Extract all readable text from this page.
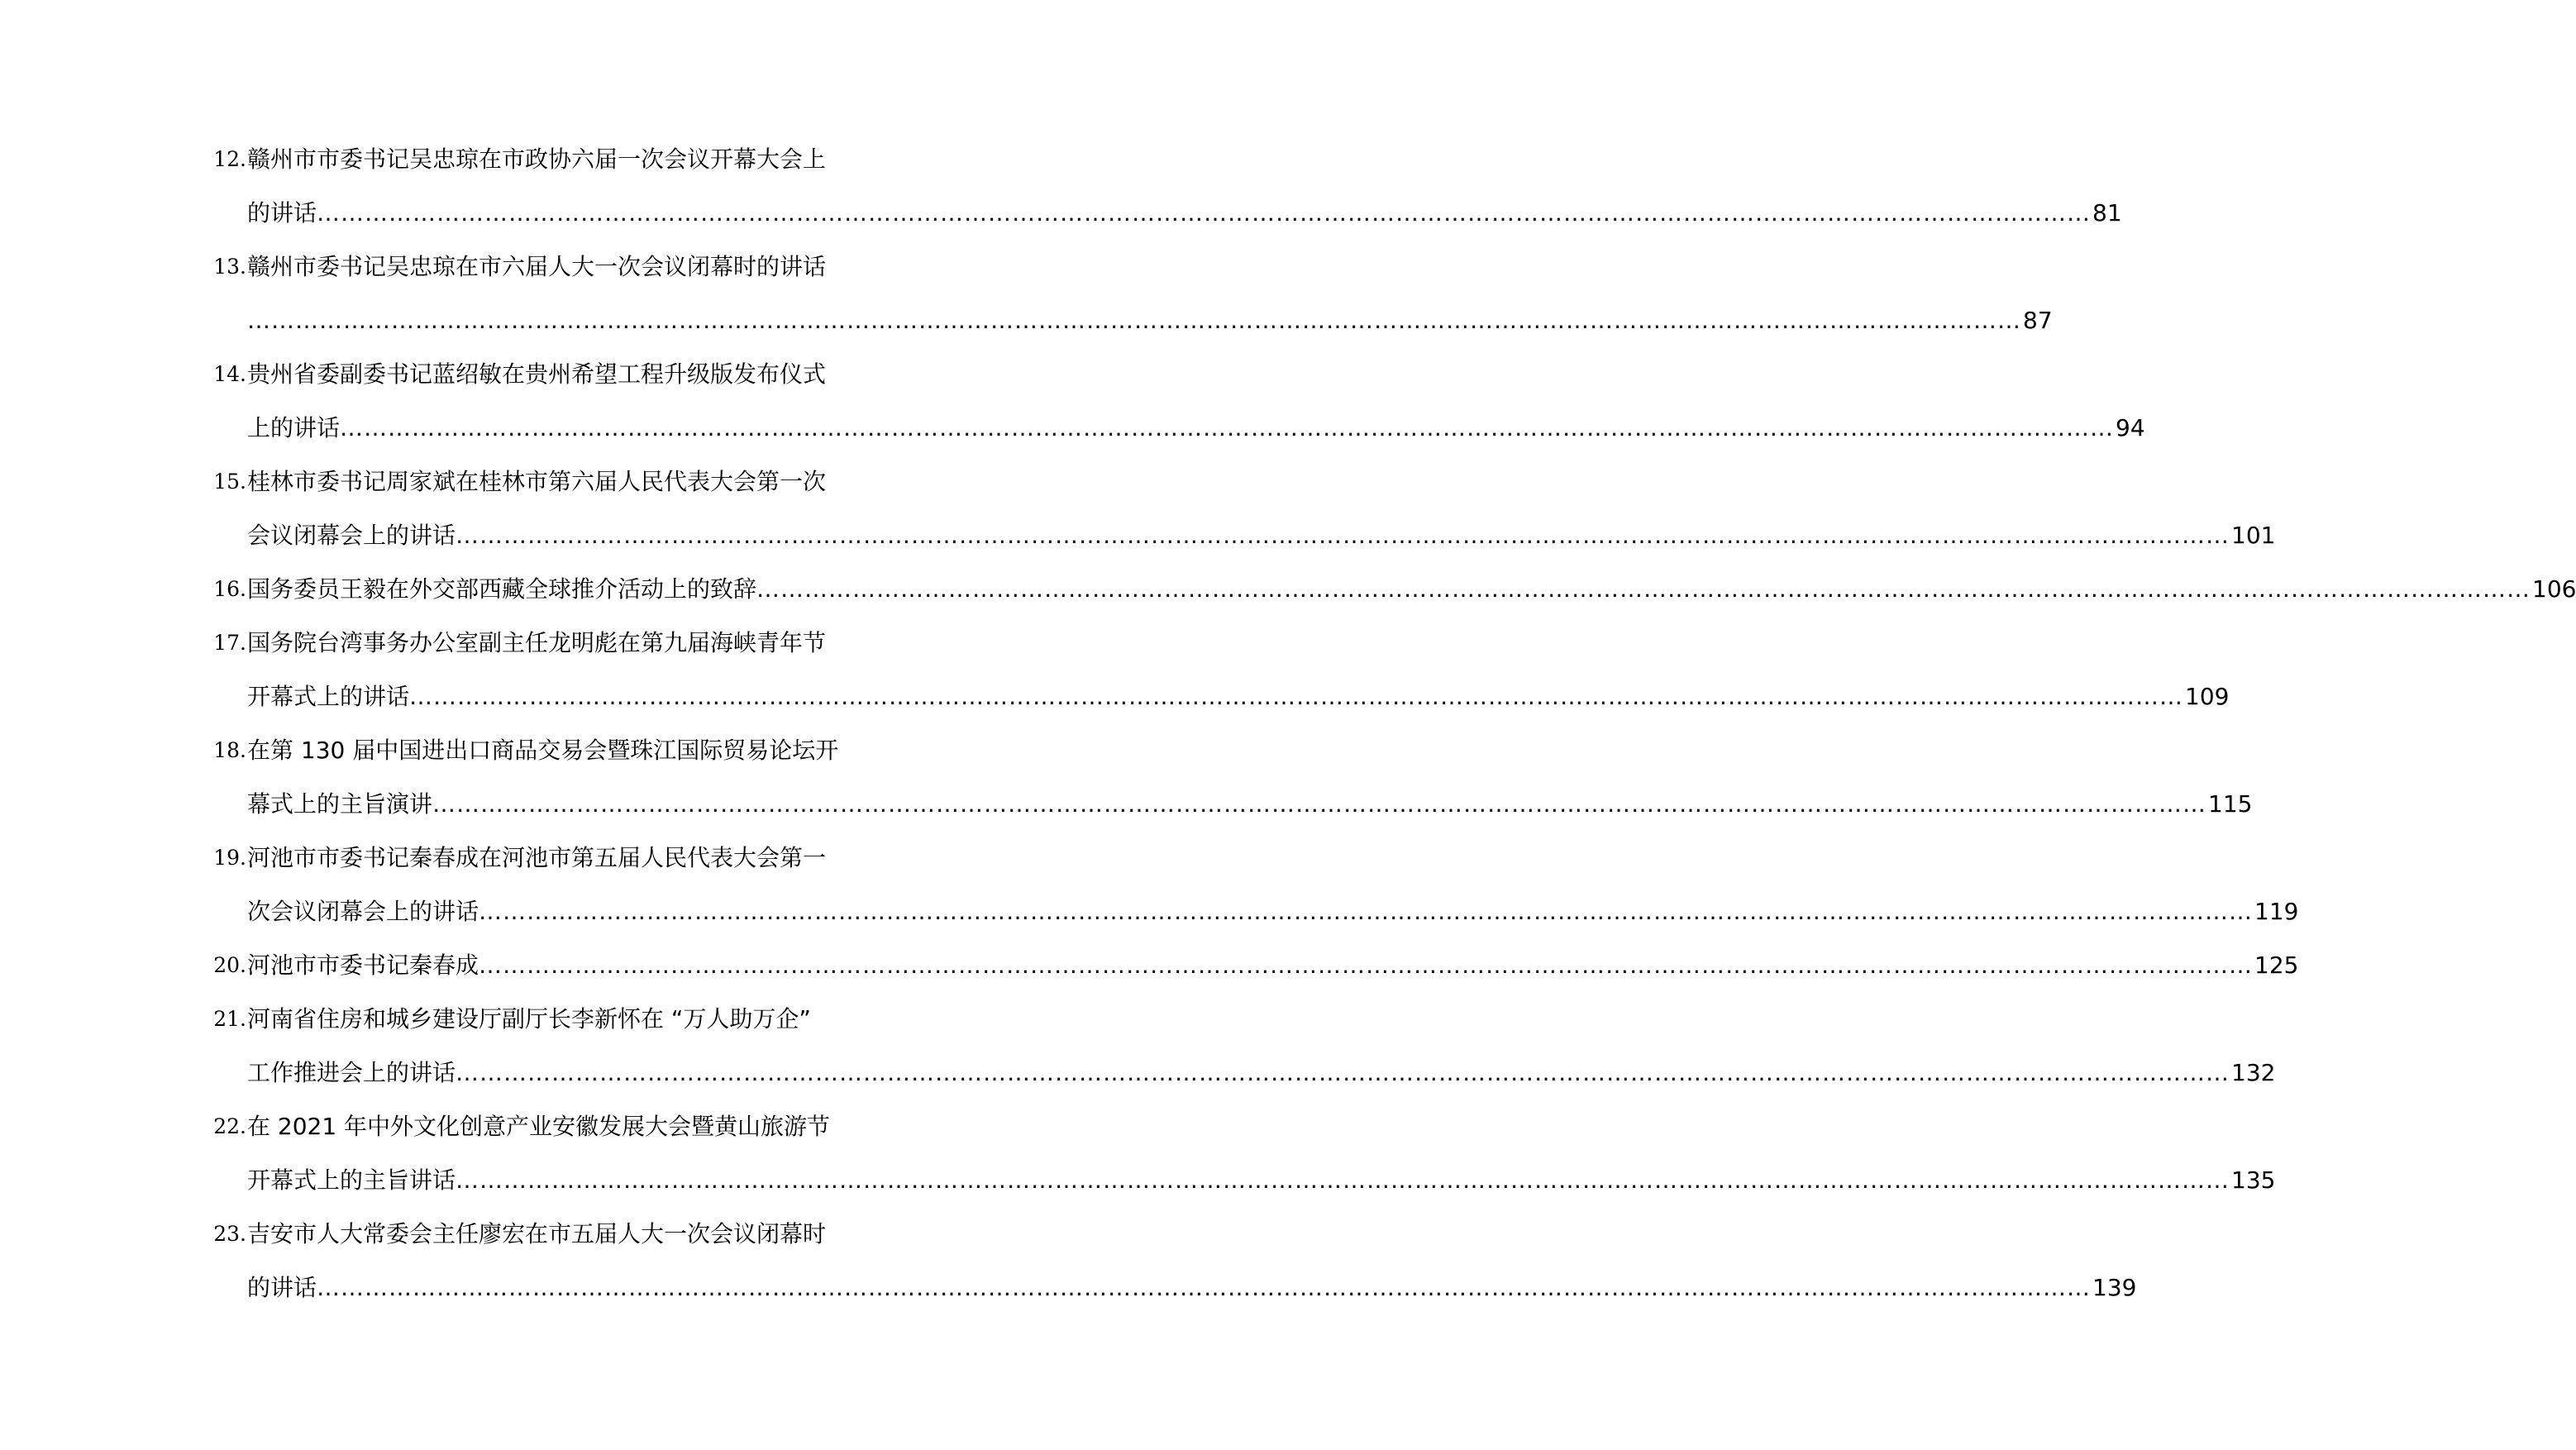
12. 赣州市市委书记吴忠琼在市政协六届一次会议开幕大会上
的讲话 …………………………………………………………………………………………………………………………………………………………………………………………………… 81
13. 赣州市委书记吴忠琼在市六届人大一次会议闭幕时的讲话
…………………………………………………………………………………………………………………………………………………………………………………………………… 87
14. 贵州省委副委书记蓝绍敏在贵州希望工程升级版发布仪式
上的讲话 …………………………………………………………………………………………………………………………………………………………………………………………………… 94
15. 桂林市委书记周家斌在桂林市第六届人民代表大会第一次
会议闭幕会上的讲话 …………………………………………………………………………………………………………………………………………………………………………………………………… 101
16. 国务委员王毅在外交部西藏全球推介活动上的致辞 …………………………………………………………………………………………………………………………………………………………………………………………………… 106
17. 国务院台湾事务办公室副主任龙明彪在第九届海峡青年节
开幕式上的讲话 …………………………………………………………………………………………………………………………………………………………………………………………………… 109
18. 在第 130 届中国进出口商品交易会暨珠江国际贸易论坛开
幕式上的主旨演讲 …………………………………………………………………………………………………………………………………………………………………………………………………… 115
19. 河池市市委书记秦春成在河池市第五届人民代表大会第一
次会议闭幕会上的讲话 …………………………………………………………………………………………………………………………………………………………………………………………………… 119
20. 河池市市委书记秦春成 …………………………………………………………………………………………………………………………………………………………………………………………………… 125
21. 河南省住房和城乡建设厅副厅长李新怀在 “万人助万企”
工作推进会上的讲话 …………………………………………………………………………………………………………………………………………………………………………………………………… 132
22. 在 2021 年中外文化创意产业安徽发展大会暨黄山旅游节
开幕式上的主旨讲话 …………………………………………………………………………………………………………………………………………………………………………………………………… 135
23. 吉安市人大常委会主任廖宏在市五届人大一次会议闭幕时
的讲话 …………………………………………………………………………………………………………………………………………………………………………………………………… 139
